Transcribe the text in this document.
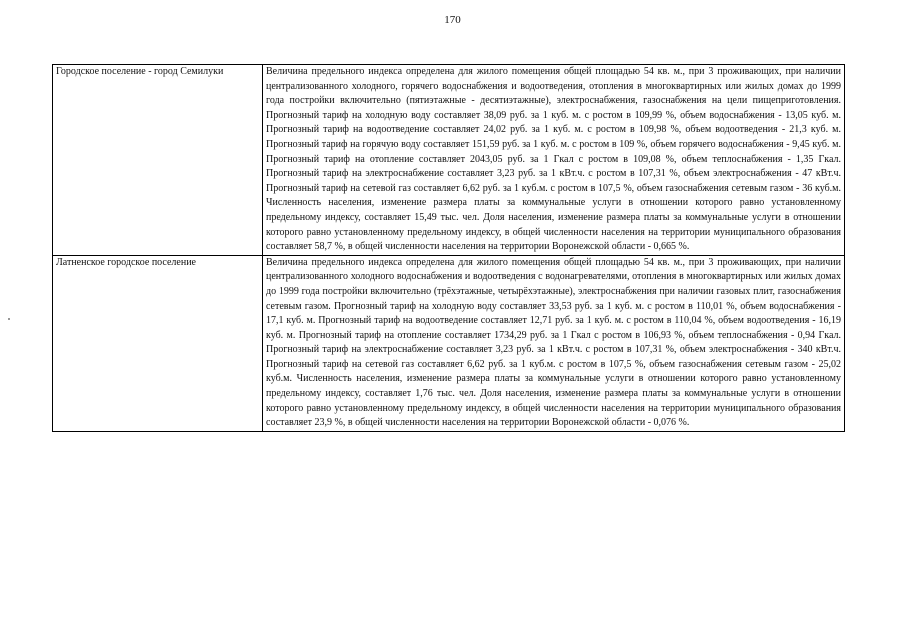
170
Городское поселение - город Семилуки	Величина предельного индекса определена для жилого помещения общей площадью 54 кв. м., при 3 проживающих, при наличии централизованного холодного, горячего водоснабжения и водоотведения, отопления в многоквартирных или жилых домах до 1999 года постройки включительно (пятиэтажные - десятиэтажные), электроснабжения, газоснабжения на цели пищеприготовления. Прогнозный тариф на холодную воду составляет 38,09 руб. за 1 куб. м. с ростом в 109,99 %, объем водоснабжения - 13,05 куб. м. Прогнозный тариф на водоотведение составляет 24,02 руб. за 1 куб. м. с ростом в 109,98 %, объем водоотведения - 21,3 куб. м. Прогнозный тариф на горячую воду составляет 151,59 руб. за 1 куб. м. с ростом в 109 %, объем горячего водоснабжения - 9,45 куб. м. Прогнозный тариф на отопление составляет 2043,05 руб. за 1 Гкал с ростом в 109,08 %, объем теплоснабжения - 1,35 Гкал. Прогнозный тариф на электроснабжение составляет 3,23 руб. за 1 кВт.ч. с ростом в 107,31 %, объем электроснабжения - 47 кВт.ч. Прогнозный тариф на сетевой газ составляет 6,62 руб. за 1 куб.м. с ростом в 107,5 %, объем газоснабжения сетевым газом - 36 куб.м. Численность населения, изменение размера платы за коммунальные услуги в отношении которого равно установленному предельному индексу, составляет 15,49 тыс. чел. Доля населения, изменение размера платы за коммунальные услуги в отношении которого равно установленному предельному индексу, в общей численности населения на территории муниципального образования составляет 58,7 %, в общей численности населения на территории Воронежской области - 0,665 %.
Латненское городское поселение	Величина предельного индекса определена для жилого помещения общей площадью 54 кв. м., при 3 проживающих, при наличии централизованного холодного водоснабжения и водоотведения с водонагревателями, отопления в многоквартирных или жилых домах до 1999 года постройки включительно (трёхэтажные, четырёхэтажные), электроснабжения при наличии газовых плит, газоснабжения сетевым газом. Прогнозный тариф на холодную воду составляет 33,53 руб. за 1 куб. м. с ростом в 110,01 %, объем водоснабжения - 17,1 куб. м. Прогнозный тариф на водоотведение составляет 12,71 руб. за 1 куб. м. с ростом в 110,04 %, объем водоотведения - 16,19 куб. м. Прогнозный тариф на отопление составляет 1734,29 руб. за 1 Гкал с ростом в 106,93 %, объем теплоснабжения - 0,94 Гкал. Прогнозный тариф на электроснабжение составляет 3,23 руб. за 1 кВт.ч. с ростом в 107,31 %, объем электроснабжения - 340 кВт.ч. Прогнозный тариф на сетевой газ составляет 6,62 руб. за 1 куб.м. с ростом в 107,5 %, объем газоснабжения сетевым газом - 25,02 куб.м. Численность населения, изменение размера платы за коммунальные услуги в отношении которого равно установленному предельному индексу, составляет 1,76 тыс. чел. Доля населения, изменение размера платы за коммунальные услуги в отношении которого равно установленному предельному индексу, в общей численности населения на территории муниципального образования составляет 23,9 %, в общей численности населения на территории Воронежской области - 0,076 %.
